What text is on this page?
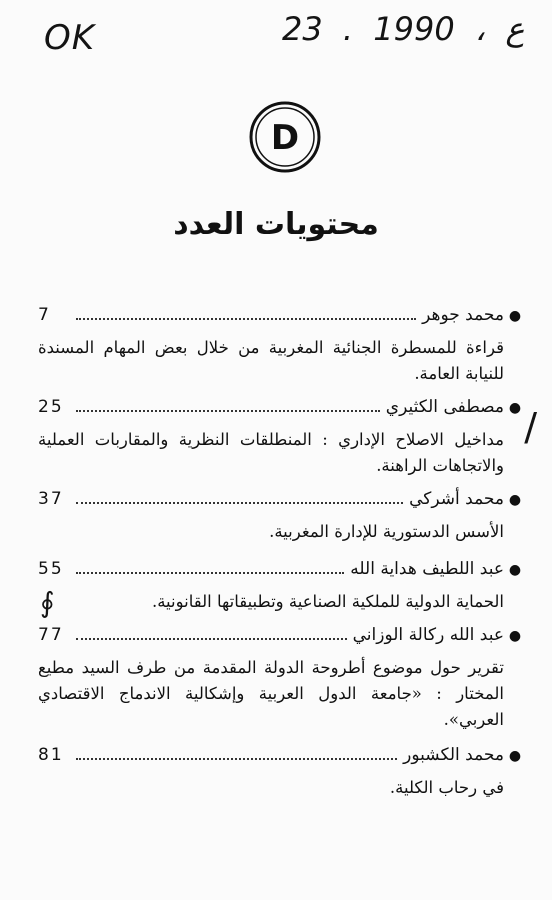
OK	23 . ع ، 1990
/
∮
D
محتويات العدد
●
محمد جوهر
7

قراءة للمسطرة الجنائية المغربية من خلال بعض المهام المسندة للنيابة العامة.

●
مصطفى الكثيري
25

مداخيل الاصلاح الإداري : المنطلقات النظرية والمقاربات العملية والاتجاهات الراهنة.

●
محمد أشركي
37

الأسس الدستورية للإدارة المغربية.

●
عبد اللطيف هداية الله
55

الحماية الدولية للملكية الصناعية وتطبيقاتها القانونية.

●
عبد الله ركالة الوزاني
77

تقرير حول موضوع أطروحة الدولة المقدمة من طرف السيد مطيع المختار : «جامعة الدول العربية وإشكالية الاندماج الاقتصادي العربي».

●
محمد الكشبور
81

في رحاب الكلية.
